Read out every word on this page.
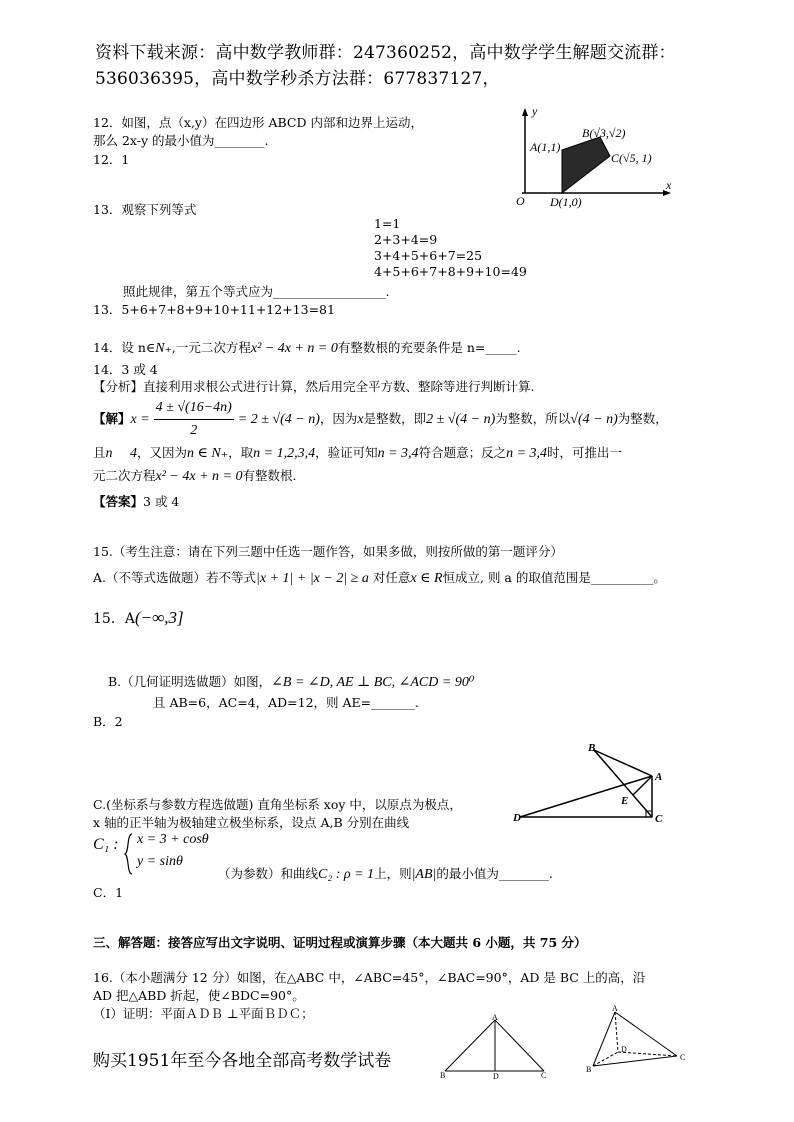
资料下载来源：高中数学教师群：247360252，高中数学学生解题交流群：
536036395，高中数学秒杀方法群：677837127，
12．如图，点（x,y）在四边形 ABCD 内部和边界上运动，
那么 2x-y 的最小值为________.
12．1
y
x
O
A(1,1)
B(√3,√2)
C(√5, 1)
D(1,0)
13．观察下列等式
1=1
2+3+4=9
3+4+5+6+7=25
4+5+6+7+8+9+10=49
照此规律，第五个等式应为__________________.
13．5+6+7+8+9+10+11+12+13=81
14．设 n∈N₊,一元二次方程x² − 4x + n = 0有整数根的充要条件是 n=_____.
14．3 或 4
【分析】直接利用求根公式进行计算，然后用完全平方数、整除等进行判断计算.
【解】$x = \frac{4 \pm √(16-4n)}{2} = 2 \pm √(4 - n)$，因为x是整数，即2 ± √(4 − n)为整数，所以√(4 − n)为整数，
且n　 4，又因为n ∈ N₊，取n = 1,2,3,4，验证可知n = 3,4符合题意；反之n = 3,4时，可推出一
元二次方程x² − 4x + n = 0有整数根.
【答案】3 或 4
15.（考生注意：请在下列三题中任选一题作答，如果多做，则按所做的第一题评分）
A.（不等式选做题）若不等式|x + 1| + |x − 2| ≥ a 对任意x ∈ R恒成立, 则 a 的取值范围是__________。
15．A(−∞,3]
B.（几何证明选做题）如图，∠B = ∠D, AE ⊥ BC, ∠ACD = 90⁰
且 AB=6，AC=4，AD=12，则 AE=_______.
B．2
B
A
E
D	C
C.(坐标系与参数方程选做题) 直角坐标系 xoy 中，以原点为极点，
x 轴的正半轴为极轴建立极坐标系，设点 A,B 分别在曲线
C₁ : x = 3 + cosθ
y = sinθ
（为参数）和曲线C₂ : ρ = 1上，则|AB|的最小值为________.
C．1
三、解答题：接答应写出文字说明、证明过程或演算步骤（本大题共 6 小题，共 75 分）
16.（本小题满分 12 分）如图，在△ABC 中，∠ABC=45°，∠BAC=90°，AD 是 BC 上的高，沿
AD 把△ABD 折起，使∠BDC=90°。
（Ⅰ）证明：平面ＡＤＢ ⊥平面ＢＤＣ；	A
B	D	C
A
B
D
C
购买1951年至今各地全部高考数学试卷
